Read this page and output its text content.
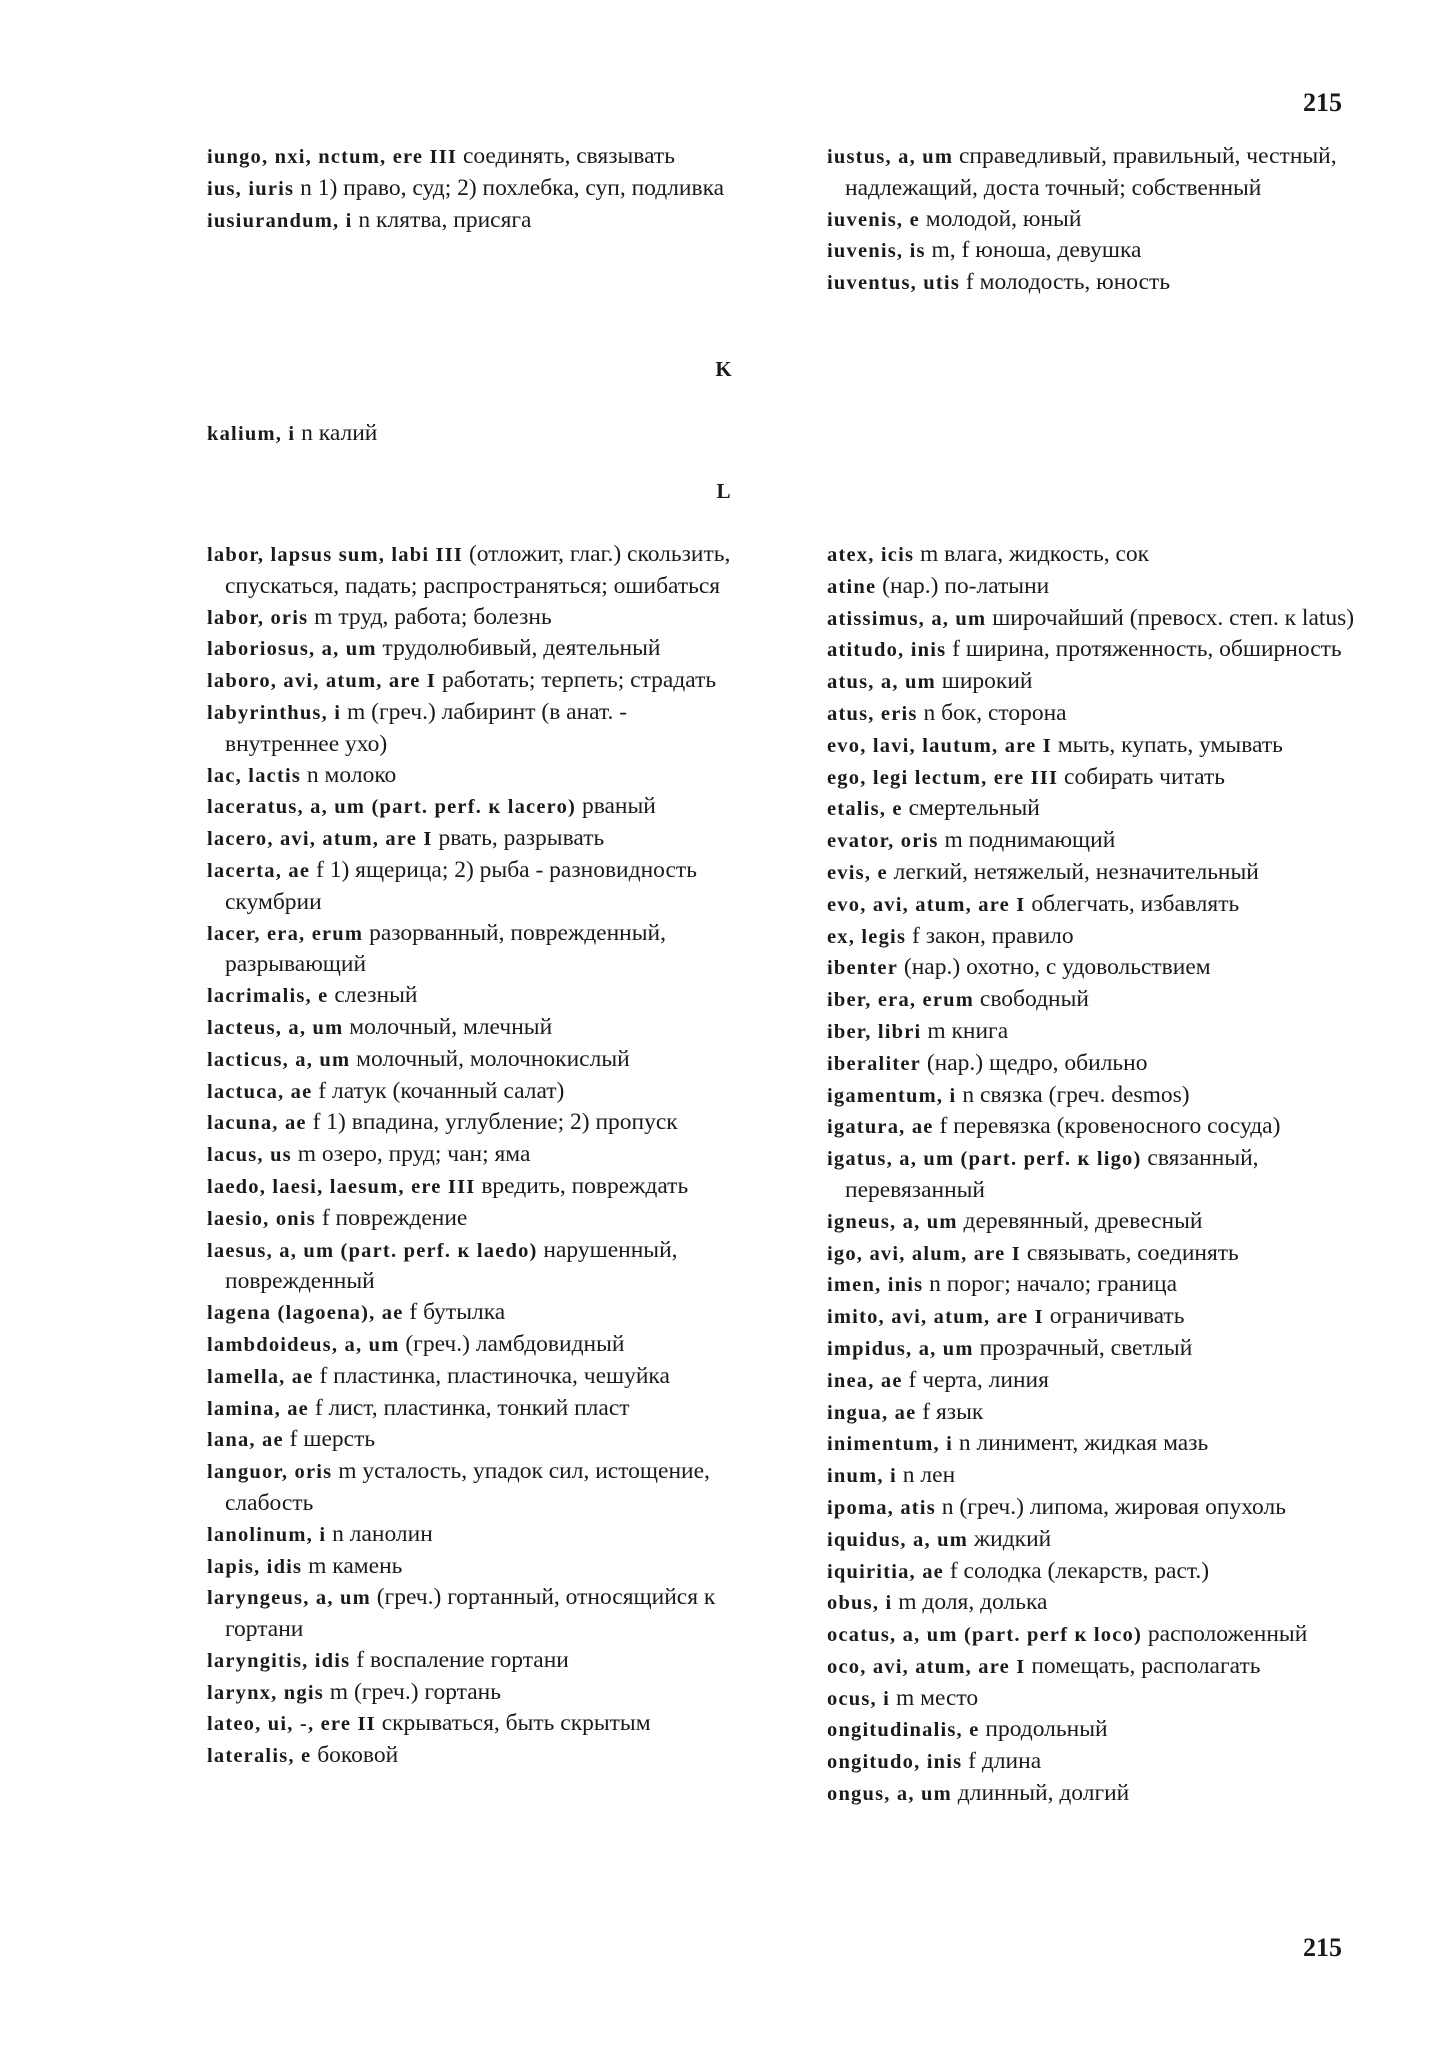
215

iungo, nxi, nctum, ere III соединять, связывать

ius, iuris n 1) право, суд; 2) похлебка, суп, подливка

iusiurandum, i n клятва, присяга

iustus, a, um справедливый, правильный, честный, надлежащий, доста точный; собственный

iuvenis, e молодой, юный

iuvenis, is m, f юноша, девушка

iuventus, utis f молодость, юность

K

kalium, i n калий

L

labor, lapsus sum, labi III (отложит, глаг.) скользить, спускаться, падать; распространяться; ошибаться

labor, oris m труд, работа; болезнь

laboriosus, a, um трудолюбивый, деятельный

laboro, avi, atum, are I работать; терпеть; страдать

labyrinthus, i m (греч.) лабиринт (в анат. - внутреннее ухо)

lac, lactis n молоко

laceratus, a, um (part. perf. к lacero) рваный

lacero, avi, atum, are I рвать, разрывать

lacerta, ae f 1) ящерица; 2) рыба - разновидность скумбрии

lacer, era, erum разорванный, поврежденный, разрывающий

lacrimalis, e слезный

lacteus, a, um молочный, млечный

lacticus, a, um молочный, молочнокислый

lactuca, ae f латук (кочанный салат)

lacuna, ae f 1) впадина, углубление; 2) пропуск

lacus, us m озеро, пруд; чан; яма

laedo, laesi, laesum, ere III вредить, повреждать

laesio, onis f повреждение

laesus, a, um (part. perf. к laedo) нарушенный, поврежденный

lagena (lagoena), ae f бутылка

lambdoideus, a, um (греч.) ламбдовидный

lamella, ae f пластинка, пластиночка, чешуйка

lamina, ae f лист, пластинка, тонкий пласт

lana, ae f шерсть

languor, oris m усталость, упадок сил, истощение, слабость

lanolinum, i n ланолин

lapis, idis m камень

laryngeus, a, um (греч.) гортанный, относящийся к гортани

laryngitis, idis f воспаление гортани

larynx, ngis m (греч.) гортань

lateo, ui, -, ere II скрываться, быть скрытым

lateralis, e боковой

atex, icis m влага, жидкость, сок

atine (нар.) по-латыни

atissimus, a, um широчайший (превосх. степ. к latus)

atitudo, inis f ширина, протяженность, обширность

atus, a, um широкий

atus, eris n бок, сторона

evo, lavi, lautum, are I мыть, купать, умывать

ego, legi lectum, ere III собирать читать

etalis, e смертельный

evator, oris m поднимающий

evis, e легкий, нетяжелый, незначительный

evo, avi, atum, are I облегчать, избавлять

ex, legis f закон, правило

ibenter (нар.) охотно, с удовольствием

iber, era, erum свободный

iber, libri m книга

iberaliter (нар.) щедро, обильно

igamentum, i n связка (греч. desmos)

igatura, ae f перевязка (кровеносного сосуда)

igatus, a, um (part. perf. к ligo) связанный, перевязанный

igneus, a, um деревянный, древесный

igo, avi, alum, are I связывать, соединять

imen, inis n порог; начало; граница

imito, avi, atum, are I ограничивать

impidus, a, um прозрачный, светлый

inea, ae f черта, линия

ingua, ae f язык

inimentum, i n линимент, жидкая мазь

inum, i n лен

ipoma, atis n (греч.) липома, жировая опухоль

iquidus, a, um жидкий

iquiritia, ae f солодка (лекарств, раст.)

obus, i m доля, долька

ocatus, a, um (part. perf к loco) расположенный

oco, avi, atum, are I помещать, располагать

ocus, i m место

ongitudinalis, e продольный

ongitudo, inis f длина

ongus, a, um длинный, долгий

215
